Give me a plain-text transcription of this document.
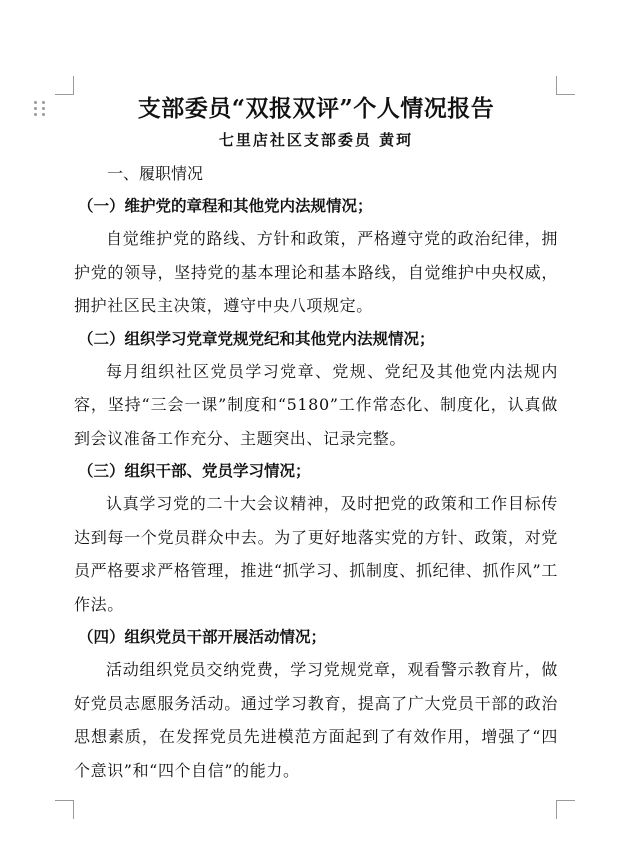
支部委员“双报双评”个人情况报告
七里店社区支部委员 黄珂
一、履职情况
（一）维护党的章程和其他党内法规情况；

自觉维护党的路线、方针和政策，严格遵守党的政治纪律，拥护党的领导，坚持党的基本理论和基本路线，自觉维护中央权威，拥护社区民主决策，遵守中央八项规定。

（二）组织学习党章党规党纪和其他党内法规情况；

每月组织社区党员学习党章、党规、党纪及其他党内法规内容，坚持“三会一课”制度和“5180”工作常态化、制度化，认真做到会议准备工作充分、主题突出、记录完整。

（三）组织干部、党员学习情况；

认真学习党的二十大会议精神，及时把党的政策和工作目标传达到每一个党员群众中去。为了更好地落实党的方针、政策，对党员严格要求严格管理，推进“抓学习、抓制度、抓纪律、抓作风”工作法。

（四）组织党员干部开展活动情况；

活动组织党员交纳党费，学习党规党章，观看警示教育片，做好党员志愿服务活动。通过学习教育，提高了广大党员干部的政治思想素质，在发挥党员先进模范方面起到了有效作用，增强了“四个意识”和“四个自信”的能力。
